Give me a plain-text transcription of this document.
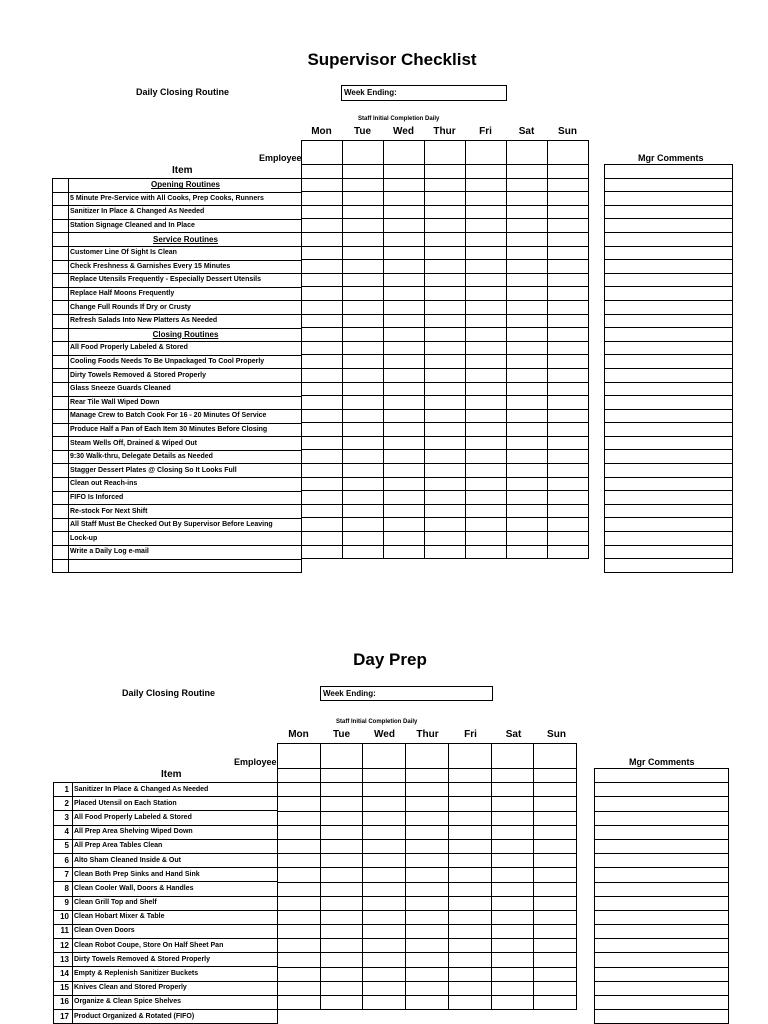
Supervisor Checklist
Daily Closing Routine	Week Ending:
Staff Initial Completion Daily
Mon	Tue	Wed	Thur	Fri	Sat	Sun
Employee
Item
Mgr Comments
	Opening Routines
	5 Minute Pre-Service with All Cooks, Prep Cooks, Runners
	Sanitizer In Place & Changed As Needed
	Station Signage Cleaned and In Place
	Service Routines
	Customer Line Of Sight Is Clean
	Check Freshness & Garnishes Every 15 Minutes
	Replace Utensils Frequently - Especially Dessert Utensils
	Replace Half Moons Frequently
	Change Full Rounds If Dry or Crusty
	Refresh Salads Into New Platters As Needed
	Closing Routines
	All Food Properly Labeled & Stored
	Cooling Foods Needs To Be Unpackaged To Cool Properly
	Dirty Towels Removed & Stored Properly
	Glass Sneeze Guards Cleaned
	Rear Tile Wall Wiped Down
	Manage Crew to Batch Cook For 16 - 20 Minutes Of Service
	Produce Half a Pan of Each Item 30 Minutes Before Closing
	Steam Wells Off, Drained & Wiped Out
	9:30 Walk-thru, Delegate Details as Needed
	Stagger Dessert Plates @ Closing So It Looks Full
	Clean out Reach-ins
	FIFO Is Inforced
	Re-stock For Next Shift
	All Staff Must Be Checked Out By Supervisor Before Leaving
	Lock-up
	Write a Daily Log e-mail

Day Prep
Daily Closing Routine	Week Ending:
Staff Initial Completion Daily
Mon	Tue	Wed	Thur	Fri	Sat	Sun
Employee
Item
Mgr Comments
1	Sanitizer In Place & Changed As Needed
2	Placed Utensil on Each Station
3	All Food Properly Labeled & Stored
4	All Prep Area Shelving Wiped Down
5	All Prep Area Tables Clean
6	Alto Sham Cleaned Inside & Out
7	Clean Both Prep Sinks and Hand Sink
8	Clean Cooler Wall, Doors & Handles
9	Clean Grill Top and Shelf
10	Clean Hobart Mixer & Table
11	Clean Oven Doors
12	Clean Robot Coupe, Store On Half Sheet Pan
13	Dirty Towels Removed & Stored Properly
14	Empty & Replenish Sanitizer Buckets
15	Knives Clean and Stored Properly
16	Organize & Clean Spice Shelves
17	Product Organized & Rotated (FIFO)
